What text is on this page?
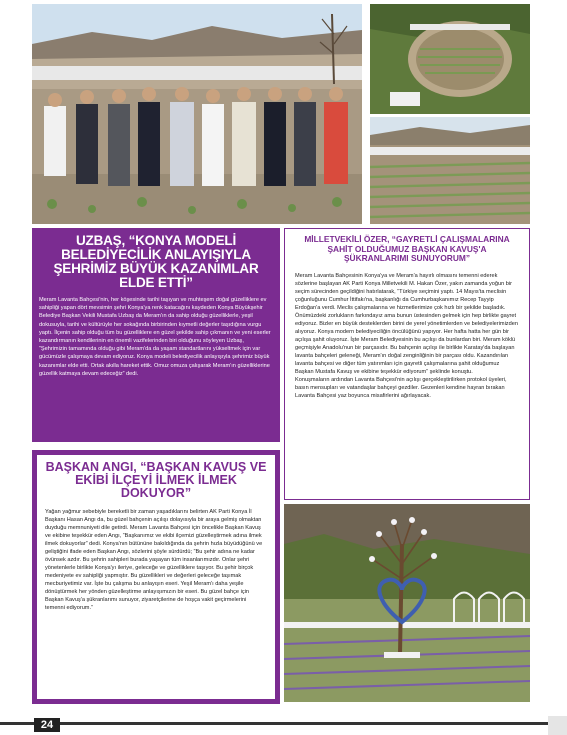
UZBAŞ, “KONYA MODELİ BELEDİYECİLİK ANLAYIŞIYLA ŞEHRİMİZ BÜYÜK KAZANIMLAR ELDE ETTİ”

Meram Lavanta Bahçesi'nin, her köşesinde tarihi taşıyan ve muhteşem doğal güzelliklere ev sahipliği yapan dört mevsimin şehri Konya'ya renk katacağını kaydeden Konya Büyükşehir Belediye Başkan Vekili Mustafa Uzbaş da Meram'ın da sahip olduğu güzelliklerle, yeşil dokusuyla, tarihi ve kültürüyle her sokağında birbirinden kıymetli değerler taşıdığına vurgu yaptı. İlçenin sahip olduğu tüm bu güzelliklere en güzel şekilde sahip çıkmanın ve yeni eserler kazandırmanın kendilerinin en önemli vazifelerinden biri olduğunu söyleyen Uzbaş, “Şehrimizin tamamında olduğu gibi Meram'da da yaşam standartlarını yükseltmek için var gücümüzle çalışmaya devam ediyoruz. Konya modeli belediyecilik anlayışıyla şehrimiz büyük kazanımlar elde etti. Ortak akılla hareket ettik. Omuz omuza çalışarak Meram'ın güzelliklerine güzellik katmaya devam edeceğiz” dedi.

BAŞKAN ANGI, “BAŞKAN KAVUŞ VE EKİBİ İLÇEYİ İLMEK İLMEK DOKUYOR”

Yağan yağmur sebebiyle bereketli bir zaman yaşadıklarını belirten AK Parti Konya İl Başkanı Hasan Angı da, bu güzel bahçenin açılışı dolayısıyla bir araya gelmiş olmaktan duyduğu memnuniyeti dile getirdi. Meram Lavanta Bahçesi için öncelikle Başkan Kavuş ve ekibine teşekkür eden Angı, “Başkanımız ve ekibi ilçemizi güzelleştirmek adına ilmek ilmek dokuyorlar” dedi. Konya'nın bütününe bakıldığında da şehrin hızla büyüdüğünü ve geliştiğini ifade eden Başkan Angı, sözlerini şöyle sürdürdü; “Bu şehir adına ne kadar övünsek azdır. Bu şehrin sahipleri burada yaşayan tüm insanlarımızdır. Onlar şehri yönetenlerle birlikte Konya'yı ileriye, geleceğe ve güzelliklere taşıyor. Bu şehir birçok medeniyete ev sahipliği yapmıştır. Bu güzellikleri ve değerleri geleceğe taşımak mecburiyetimiz var. İşte bu çalışma bu anlayışın eseri. Yeşil Meram'ı daha yeşile dönüştürmek her yönden güzelleştirme anlayışımızın bir eseri. Bu güzel bahçe için Başkan Kavuş'a şükranlarımı sunuyor, ziyaretçilerine de hoşça vakit geçirmelerini temenni ediyorum.”

MİLLETVEKİLİ ÖZER, “GAYRETLİ ÇALIŞMALARINA ŞAHİT OLDUĞUMUZ BAŞKAN KAVUŞ'A ŞÜKRANLARIMI SUNUYORUM”

Meram Lavanta Bahçesinin Konya'ya ve Meram'a hayırlı olmasını temenni ederek sözlerine başlayan AK Parti Konya Milletvekili M. Hakan Özer, yakın zamanda yoğun bir seçim sürecinden geçildiğini hatırlatarak, “Türkiye seçimini yaptı. 14 Mayıs'ta meclisin çoğunluğunu Cumhur İttifakı'na, başkanlığı da Cumhurbaşkanımız Recep Tayyip Erdoğan'a verdi. Meclis çalışmalarına ve hizmetlerimize çok hızlı bir şekilde başladık. Önümüzdeki zorlukların farkındayız ama bunun üstesinden gelmek için hep birlikte gayret ediyoruz. Bizler en büyük desteklerden birini de yerel yönetimlerden ve belediyelerimizden alıyoruz. Konya modern belediyeciliğin öncülüğünü yapıyor. Her hafta hatta her gün bir açılışa şahit oluyoruz. İşte Meram Belediyesinin bu açılışı da bunlardan biri. Meram köklü geçmişiyle Anadolu'nun bir parçasıdır. Bu bahçenin açılışı ile birlikte Karatay'da başlayan lavanta bahçeleri geleneği, Meram'ın doğal zenginliğinin bir parçası oldu. Kazandırılan lavanta bahçesi ve diğer tüm yatırımları için gayretli çalışmalarına şahit olduğumuz Başkan Mustafa Kavuş ve ekibine teşekkür ediyorum” şeklinde konuştu.

Konuşmaların ardından Lavanta Bahçesi'nin açılışı gerçekleştirilirken protokol üyeleri, basın mensupları ve vatandaşlar bahçeyi gezdiler. Gezenleri kendine hayran bırakan Lavanta Bahçesi yaz boyunca misafirlerini ağırlayacak.

24
